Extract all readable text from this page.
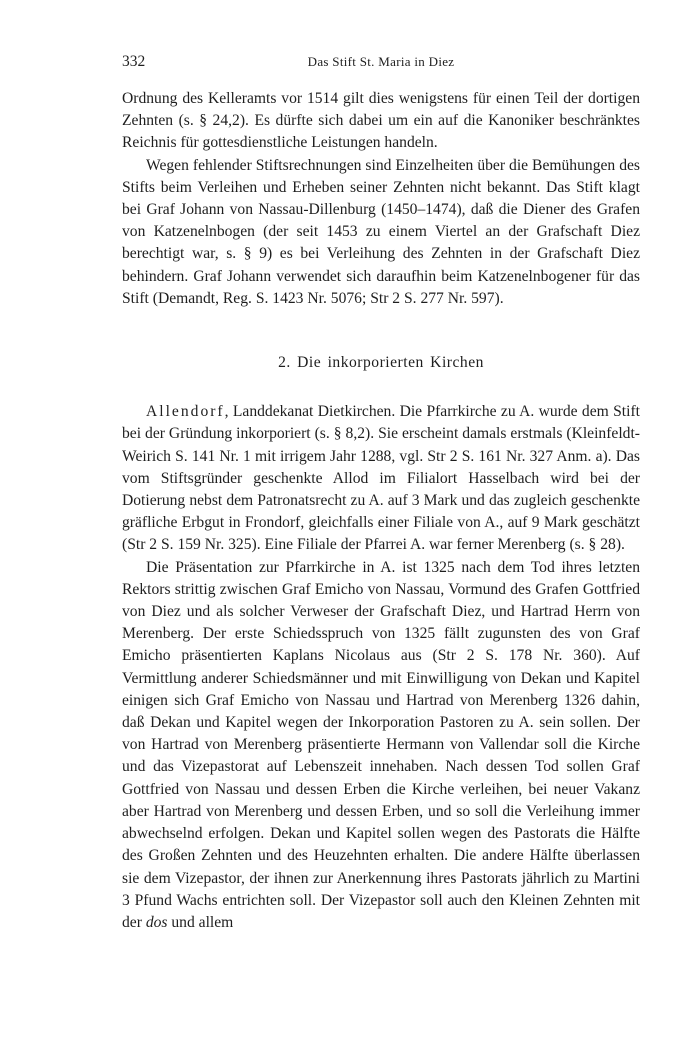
332	Das Stift St. Maria in Diez

Ordnung des Kelleramts vor 1514 gilt dies wenigstens für einen Teil der dortigen Zehnten (s. § 24,2). Es dürfte sich dabei um ein auf die Kanoniker beschränktes Reichnis für gottesdienstliche Leistungen handeln.

Wegen fehlender Stiftsrechnungen sind Einzelheiten über die Bemühungen des Stifts beim Verleihen und Erheben seiner Zehnten nicht bekannt. Das Stift klagt bei Graf Johann von Nassau-Dillenburg (1450–1474), daß die Diener des Grafen von Katzenelnbogen (der seit 1453 zu einem Viertel an der Grafschaft Diez berechtigt war, s. § 9) es bei Verleihung des Zehnten in der Grafschaft Diez behindern. Graf Johann verwendet sich daraufhin beim Katzenelnbogener für das Stift (Demandt, Reg. S. 1423 Nr. 5076; Str 2 S. 277 Nr. 597).

2. Die inkorporierten Kirchen

Allendorf, Landdekanat Dietkirchen. Die Pfarrkirche zu A. wurde dem Stift bei der Gründung inkorporiert (s. § 8,2). Sie erscheint damals erstmals (Kleinfeldt-Weirich S. 141 Nr. 1 mit irrigem Jahr 1288, vgl. Str 2 S. 161 Nr. 327 Anm. a). Das vom Stiftsgründer geschenkte Allod im Filialort Hasselbach wird bei der Dotierung nebst dem Patronatsrecht zu A. auf 3 Mark und das zugleich geschenkte gräfliche Erbgut in Frondorf, gleichfalls einer Filiale von A., auf 9 Mark geschätzt (Str 2 S. 159 Nr. 325). Eine Filiale der Pfarrei A. war ferner Merenberg (s. § 28).

Die Präsentation zur Pfarrkirche in A. ist 1325 nach dem Tod ihres letzten Rektors strittig zwischen Graf Emicho von Nassau, Vormund des Grafen Gottfried von Diez und als solcher Verweser der Grafschaft Diez, und Hartrad Herrn von Merenberg. Der erste Schiedsspruch von 1325 fällt zugunsten des von Graf Emicho präsentierten Kaplans Nicolaus aus (Str 2 S. 178 Nr. 360). Auf Vermittlung anderer Schiedsmänner und mit Einwilligung von Dekan und Kapitel einigen sich Graf Emicho von Nassau und Hartrad von Merenberg 1326 dahin, daß Dekan und Kapitel wegen der Inkorporation Pastoren zu A. sein sollen. Der von Hartrad von Merenberg präsentierte Hermann von Vallendar soll die Kirche und das Vizepastorat auf Lebenszeit innehaben. Nach dessen Tod sollen Graf Gottfried von Nassau und dessen Erben die Kirche verleihen, bei neuer Vakanz aber Hartrad von Merenberg und dessen Erben, und so soll die Verleihung immer abwechselnd erfolgen. Dekan und Kapitel sollen wegen des Pastorats die Hälfte des Großen Zehnten und des Heuzehnten erhalten. Die andere Hälfte überlassen sie dem Vizepastor, der ihnen zur Anerkennung ihres Pastorats jährlich zu Martini 3 Pfund Wachs entrichten soll. Der Vizepastor soll auch den Kleinen Zehnten mit der dos und allem
